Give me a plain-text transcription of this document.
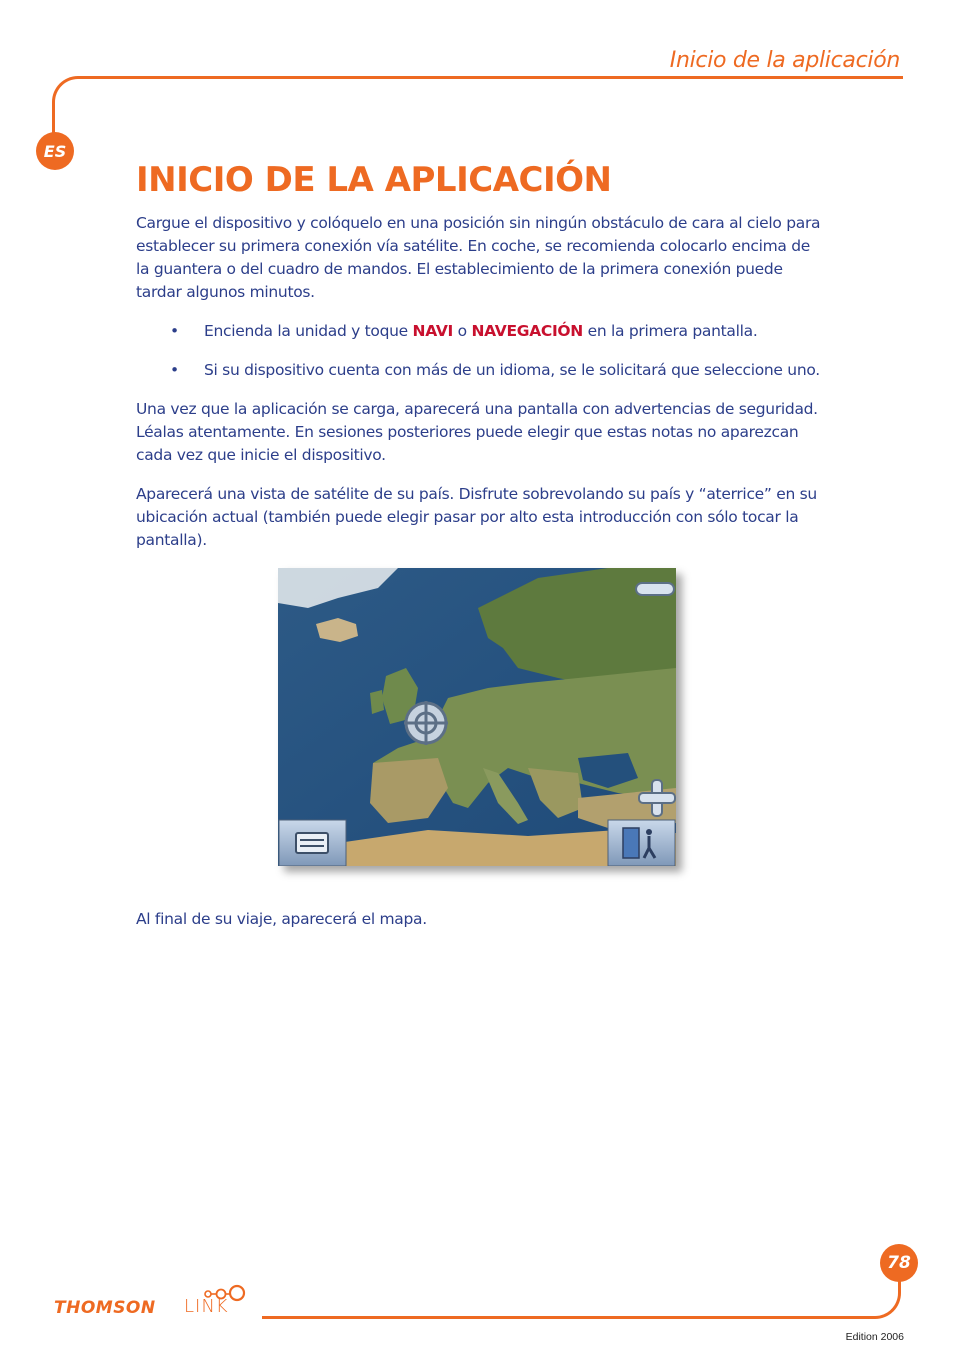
Inicio de la aplicación
ES
INICIO DE LA APLICACIÓN

Cargue el dispositivo y colóquelo en una posición sin ningún obstáculo de cara al cielo para establecer su primera conexión vía satélite. En coche, se recomienda colocarlo encima de la guantera o del cuadro de mandos. El establecimiento de la primera conexión puede tardar algunos minutos.

• Encienda la unidad y toque NAVI o NAVEGACIÓN en la primera pantalla.
• Si su dispositivo cuenta con más de un idioma, se le solicitará que seleccione uno.

Una vez que la aplicación se carga, aparecerá una pantalla con advertencias de seguridad. Léalas atentamente. En sesiones posteriores puede elegir que estas notas no aparezcan cada vez que inicie el dispositivo.

Aparecerá una vista de satélite de su país. Disfrute sobrevolando su país y “aterrice” en su ubicación actual (también puede elegir pasar por alto esta introducción con sólo tocar la pantalla).

Al final de su viaje, aparecerá el mapa.
78
THOMSON LINK
Edition 2006
